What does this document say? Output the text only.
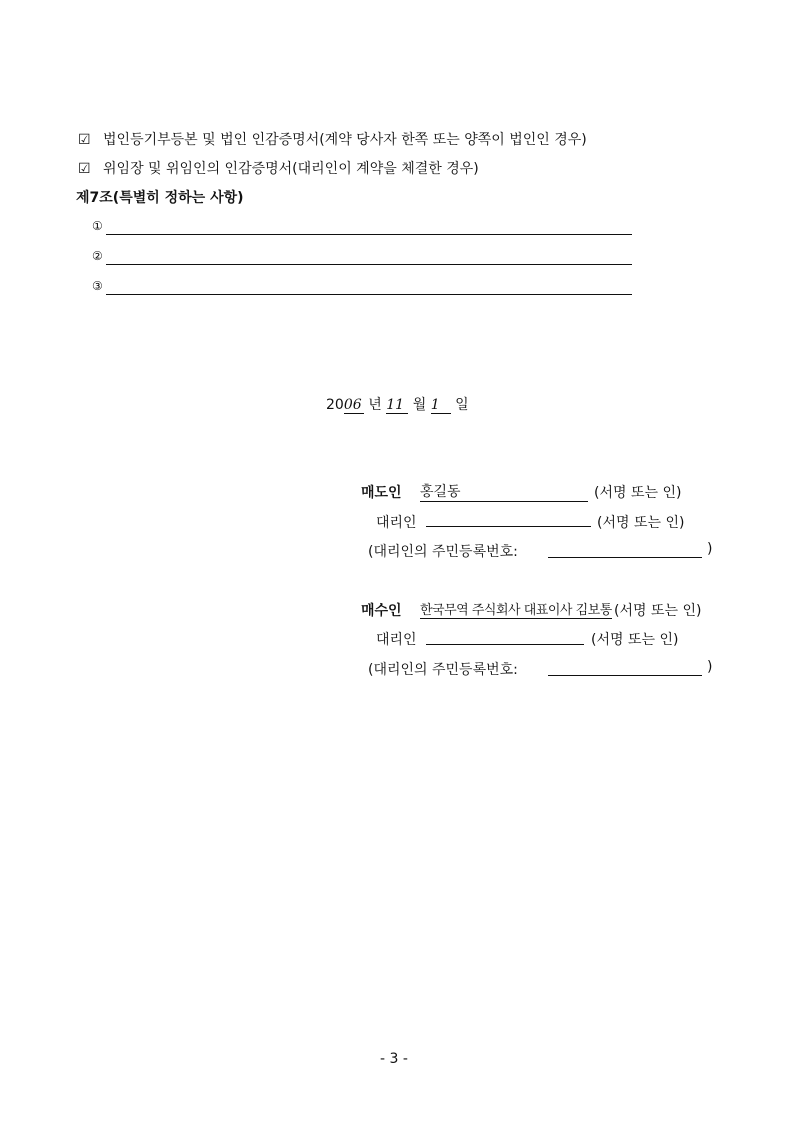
☑ 법인등기부등본 및 법인 인감증명서(계약 당사자 한쪽 또는 양쪽이 법인인 경우)
☑ 위임장 및 위임인의 인감증명서(대리인이 계약을 체결한 경우)
제7조(특별히 정하는 사항)
①
②
③
2006 년 11 월 1 일
매도인 홍길동	(서명 또는 인)
대리인	(서명 또는 인)
(대리인의 주민등록번호:	)
매수인 한국무역 주식회사 대표이사 김보통 (서명 또는 인)
대리인	(서명 또는 인)
(대리인의 주민등록번호:	)
- 3 -
